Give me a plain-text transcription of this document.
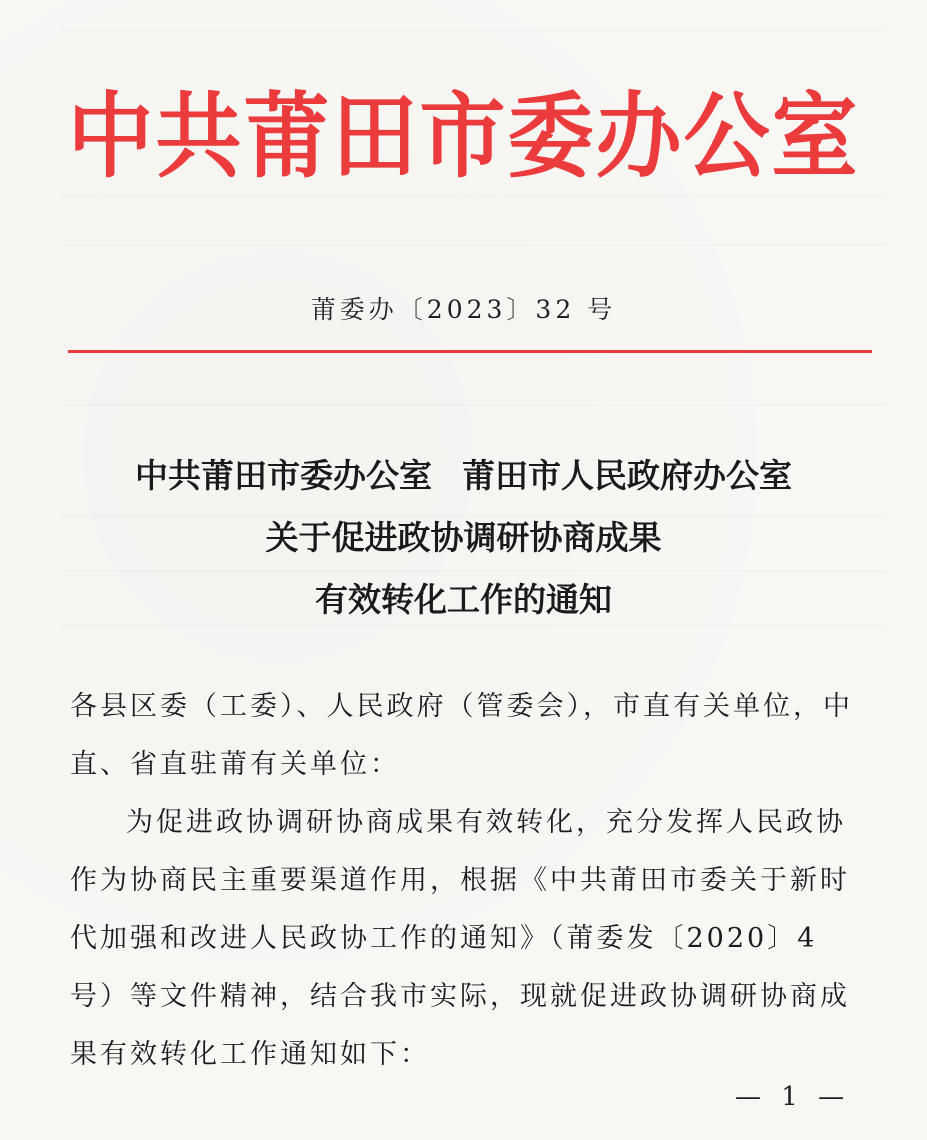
中共莆田市委办公室
莆委办〔2023〕32 号
中共莆田市委办公室 莆田市人民政府办公室
关于促进政协调研协商成果
有效转化工作的通知

各县区委（工委）、人民政府（管委会），市直有关单位，中直、省直驻莆有关单位：

为促进政协调研协商成果有效转化，充分发挥人民政协作为协商民主重要渠道作用，根据《中共莆田市委关于新时代加强和改进人民政协工作的通知》（莆委发〔2020〕4 号）等文件精神，结合我市实际，现就促进政协调研协商成果有效转化工作通知如下：

— 1 —
